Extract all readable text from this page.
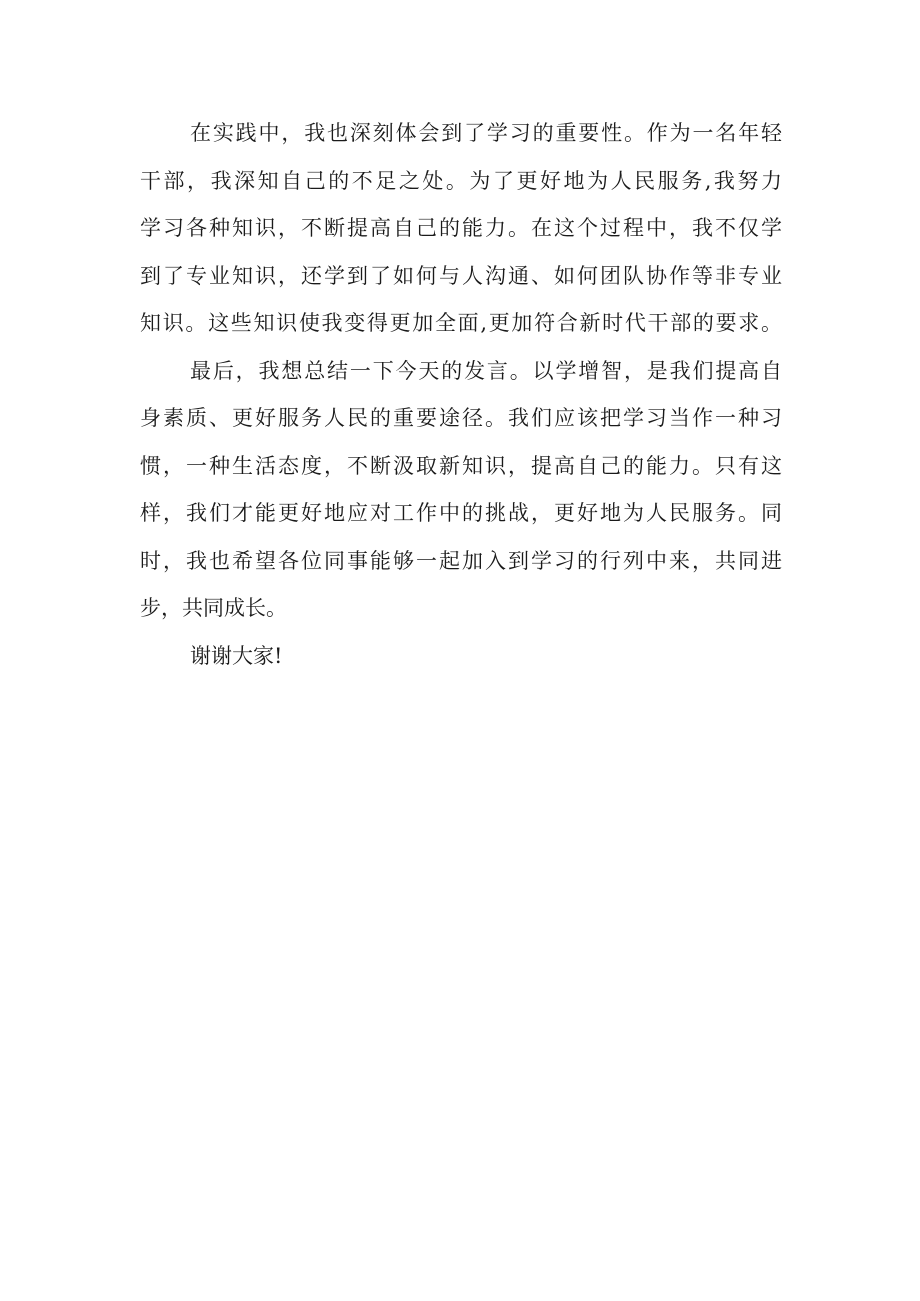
在实践中，我也深刻体会到了学习的重要性。作为一名年轻
干部，我深知自己的不足之处。为了更好地为人民服务,我努力
学习各种知识，不断提高自己的能力。在这个过程中，我不仅学
到了专业知识，还学到了如何与人沟通、如何团队协作等非专业
知识。这些知识使我变得更加全面,更加符合新时代干部的要求。
最后，我想总结一下今天的发言。以学增智，是我们提高自
身素质、更好服务人民的重要途径。我们应该把学习当作一种习
惯，一种生活态度，不断汲取新知识，提高自己的能力。只有这
样，我们才能更好地应对工作中的挑战，更好地为人民服务。同
时，我也希望各位同事能够一起加入到学习的行列中来，共同进
步，共同成长。
谢谢大家!
